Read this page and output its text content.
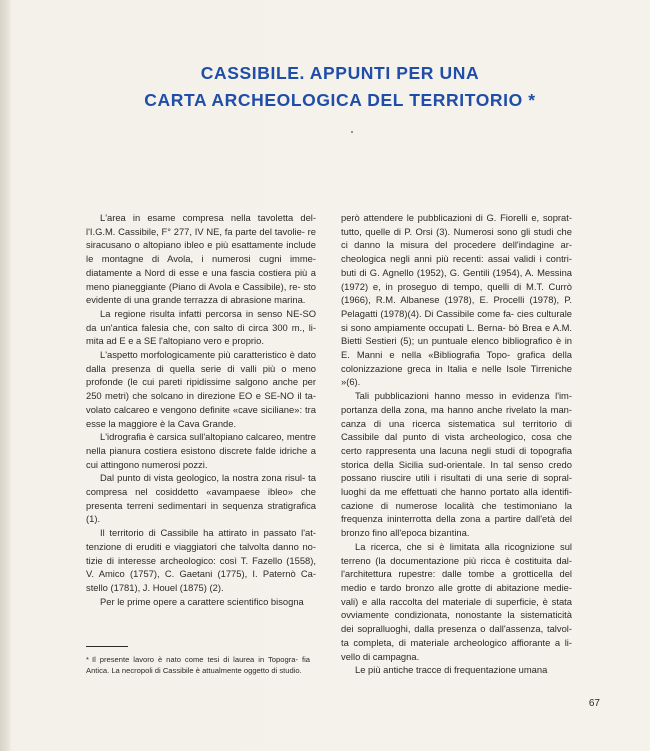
CASSIBILE. APPUNTI PER UNA
CARTA ARCHEOLOGICA DEL TERRITORIO *

L'area in esame compresa nella tavoletta del- l'I.G.M. Cassibile, F° 277, IV NE, fa parte del tavolie- re siracusano o altopiano ibleo e più esattamente include le montagne di Avola, i numerosi cugni imme- diatamente a Nord di esse e una fascia costiera più a meno pianeggiante (Piano di Avola e Cassibile), re- sto evidente di una grande terrazza di abrasione marina.

La regione risulta infatti percorsa in senso NE-SO da un'antica falesia che, con salto di circa 300 m., li- mita ad E e a SE l'altopiano vero e proprio.

L'aspetto morfologicamente più caratteristico è dato dalla presenza di quella serie di valli più o meno profonde (le cui pareti ripidissime salgono anche per 250 metri) che solcano in direzione EO e SE-NO il ta- volato calcareo e vengono definite «cave siciliane»: tra esse la maggiore è la Cava Grande.

L'idrografia è carsica sull'altopiano calcareo, mentre nella pianura costiera esistono discrete falde idriche a cui attingono numerosi pozzi.

Dal punto di vista geologico, la nostra zona risul- ta compresa nel cosiddetto «avampaese ibleo» che presenta terreni sedimentari in sequenza stratigrafica (1).

Il territorio di Cassibile ha attirato in passato l'at- tenzione di eruditi e viaggiatori che talvolta danno no- tizie di interesse archeologico: così T. Fazello (1558), V. Amico (1757), C. Gaetani (1775), I. Paternò Ca- stello (1781), J. Houel (1875) (2).

Per le prime opere a carattere scientifico bisogna

però attendere le pubblicazioni di G. Fiorelli e, soprat- tutto, quelle di P. Orsi (3). Numerosi sono gli studi che ci danno la misura del procedere dell'indagine ar- cheologica negli anni più recenti: assai validi i contri- buti di G. Agnello (1952), G. Gentili (1954), A. Messina (1972) e, in proseguo di tempo, quelli di M.T. Currò (1966), R.M. Albanese (1978), E. Procelli (1978), P. Pelagatti (1978)(4). Di Cassibile come fa- cies culturale si sono ampiamente occupati L. Bernа- bò Brea e A.M. Bietti Sestieri (5); un puntuale elenco bibliografico è in E. Manni e nella «Bibliografia Topo- grafica della colonizzazione greca in Italia e nelle Isole Tirreniche »(6).

Tali pubblicazioni hanno messo in evidenza l'im- portanza della zona, ma hanno anche rivelato la man- canza di una ricerca sistematica sul territorio di Cassibile dal punto di vista archeologico, cosa che certo rappresenta una lacuna negli studi di topografia storica della Sicilia sud-orientale. In tal senso credo possano riuscire utili i risultati di una serie di sopral- luoghi da me effettuati che hanno portato alla identifi- cazione di numerose località che testimoniano la frequenza ininterrotta della zona a partire dall'età del bronzo fino all'epoca bizantina.

La ricerca, che si è limitata alla ricognizione sul terreno (la documentazione più ricca è costituita dal- l'architettura rupestre: dalle tombe a grotticella del medio e tardo bronzo alle grotte di abitazione medie- vali) e alla raccolta del materiale di superficie, è stata ovviamente condizionata, nonostante la sistematicità dei sopralluoghi, dalla presenza o dall'assenza, talvol- ta completa, di materiale archeologico affiorante a li- vello di campagna.

Le più antiche tracce di frequentazione umana

* Il presente lavoro è nato come tesi di laurea in Topogra- fia Antica. La necropoli di Cassibile è attualmente oggetto di studio.
67
